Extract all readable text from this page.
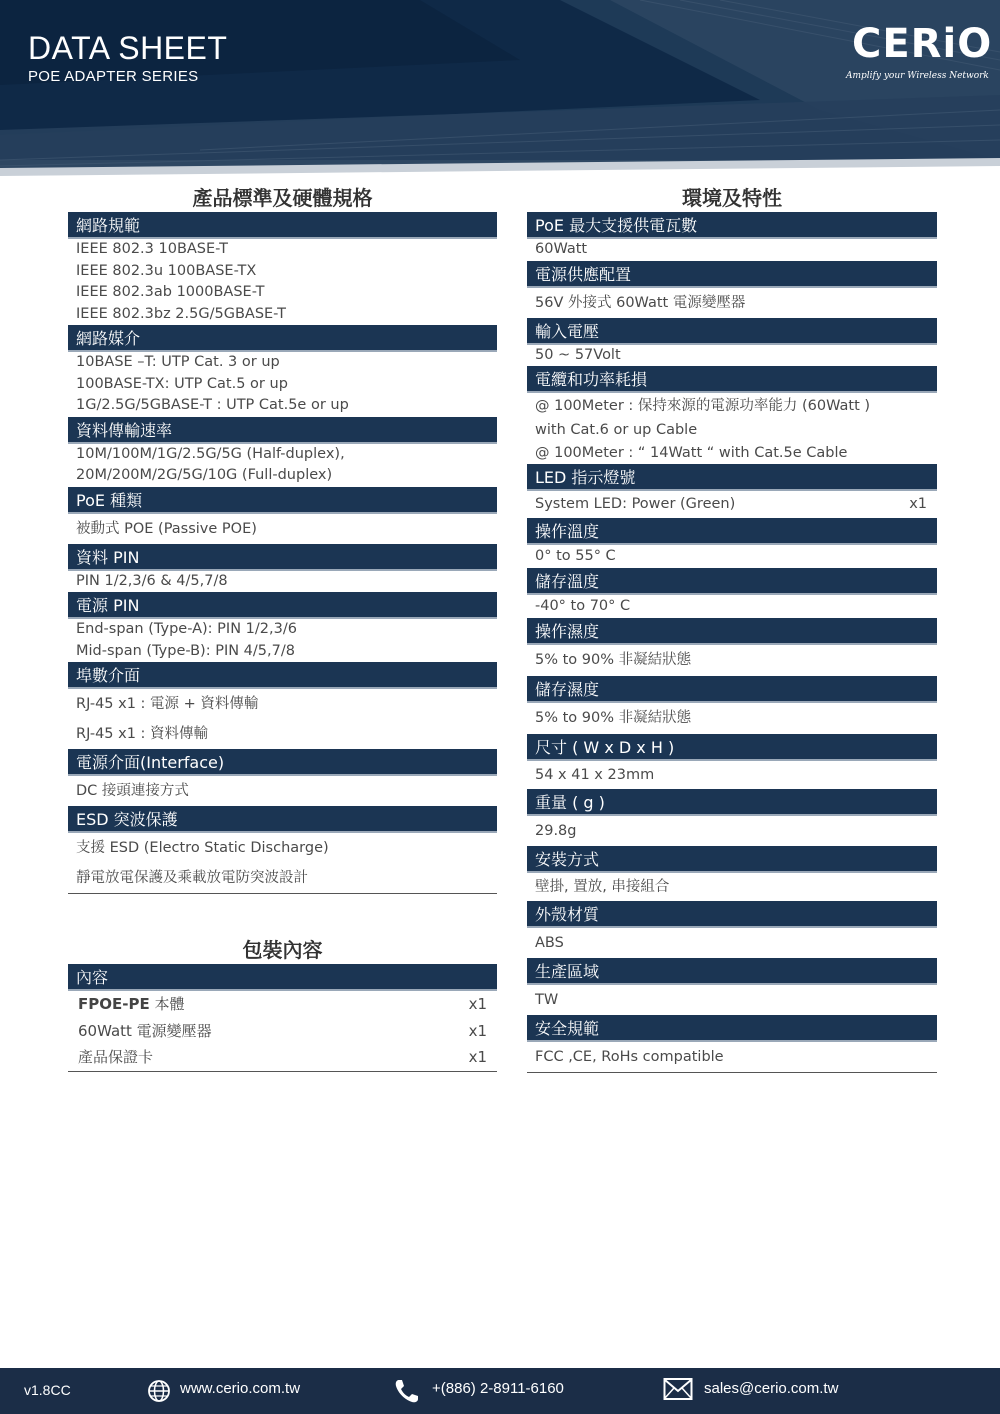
DATA SHEET
POE ADAPTER SERIES
CERiO
Amplify your Wireless Network
產品標準及硬體規格
網路規範
IEEE 802.3 10BASE-T
IEEE 802.3u 100BASE-TX
IEEE 802.3ab 1000BASE-T
IEEE 802.3bz 2.5G/5GBASE-T
網路媒介
10BASE –T: UTP Cat. 3 or up
100BASE-TX: UTP Cat.5 or up
1G/2.5G/5GBASE-T : UTP Cat.5e or up
資料傳輸速率
10M/100M/1G/2.5G/5G (Half-duplex),
20M/200M/2G/5G/10G (Full-duplex)
PoE 種類
被動式 POE (Passive POE)
資料 PIN
PIN 1/2,3/6 & 4/5,7/8
電源 PIN
End-span (Type-A): PIN 1/2,3/6
Mid-span (Type-B): PIN 4/5,7/8
埠數介面
RJ-45 x1 : 電源 + 資料傳輸
RJ-45 x1 : 資料傳輸
電源介面(Interface)
DC 接頭連接方式
ESD 突波保護
支援 ESD (Electro Static Discharge)
靜電放電保護及乘載放電防突波設計
包裝內容
內容
FPOE-PE 本體	x1
60Watt 電源變壓器	x1
產品保證卡	x1
環境及特性
PoE 最大支援供電瓦數
60Watt
電源供應配置
56V 外接式 60Watt 電源變壓器
輸入電壓
50 ~ 57Volt
電纜和功率耗損
@ 100Meter : 保持來源的電源功率能力 (60Watt )
with Cat.6 or up Cable
@ 100Meter : “ 14Watt “ with Cat.5e Cable
LED 指示燈號
System LED: Power (Green)	x1
操作溫度
0° to 55° C
儲存溫度
-40° to 70° C
操作濕度
5% to 90% 非凝結狀態
儲存濕度
5% to 90% 非凝結狀態
尺寸 ( W x D x H )
54 x 41 x 23mm
重量 ( g )
29.8g
安裝方式
壁掛, 置放, 串接組合
外殼材質
ABS
生產區域
TW
安全規範
FCC ,CE, RoHs compatible
v1.8CC	www.cerio.com.tw	+(886) 2-8911-6160	sales@cerio.com.tw
